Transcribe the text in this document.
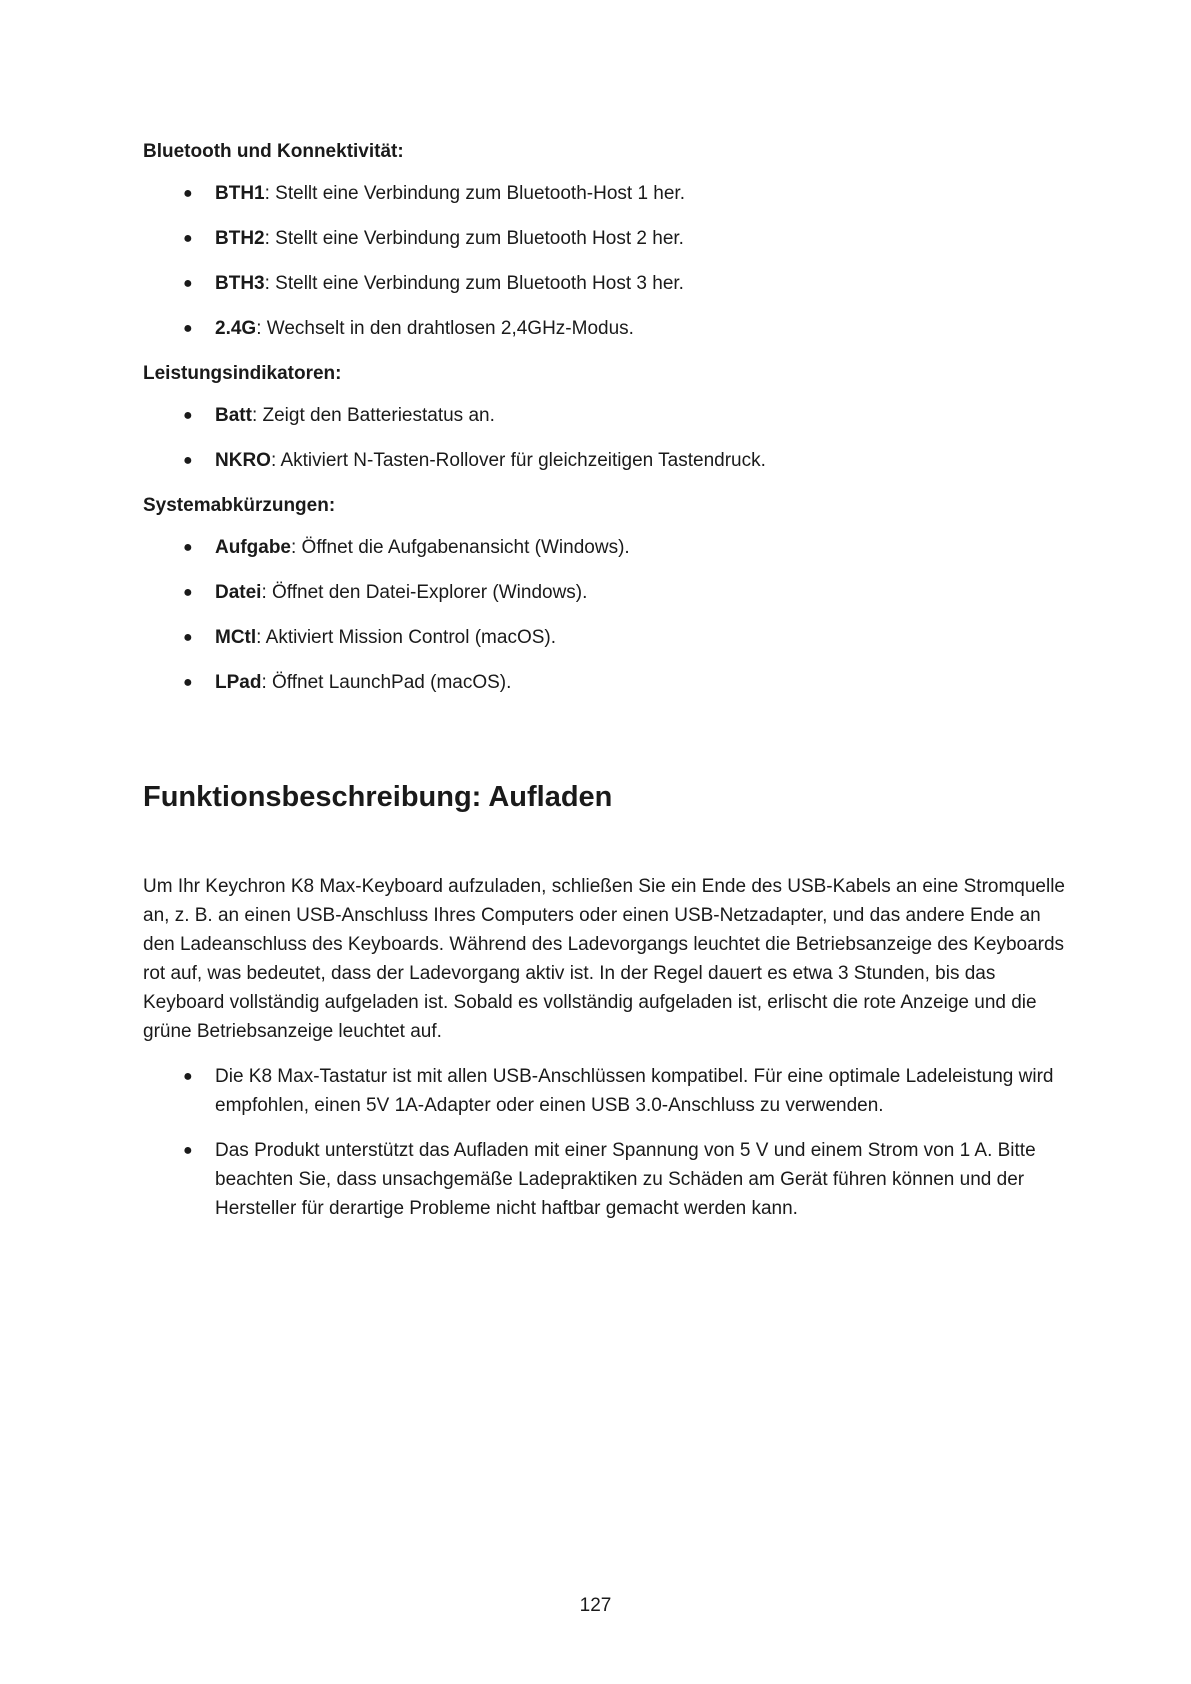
Bluetooth und Konnektivität:
● BTH1: Stellt eine Verbindung zum Bluetooth-Host 1 her.
● BTH2: Stellt eine Verbindung zum Bluetooth Host 2 her.
● BTH3: Stellt eine Verbindung zum Bluetooth Host 3 her.
● 2.4G: Wechselt in den drahtlosen 2,4GHz-Modus.
Leistungsindikatoren:
● Batt: Zeigt den Batteriestatus an.
● NKRO: Aktiviert N-Tasten-Rollover für gleichzeitigen Tastendruck.
Systemabkürzungen:
● Aufgabe: Öffnet die Aufgabenansicht (Windows).
● Datei: Öffnet den Datei-Explorer (Windows).
● MCtl: Aktiviert Mission Control (macOS).
● LPad: Öffnet LaunchPad (macOS).
Funktionsbeschreibung: Aufladen

Um Ihr Keychron K8 Max-Keyboard aufzuladen, schließen Sie ein Ende des USB-Kabels an eine Stromquelle an, z. B. an einen USB-Anschluss Ihres Computers oder einen USB-Netzadapter, und das andere Ende an den Ladeanschluss des Keyboards. Während des Ladevorgangs leuchtet die Betriebsanzeige des Keyboards rot auf, was bedeutet, dass der Ladevorgang aktiv ist. In der Regel dauert es etwa 3 Stunden, bis das Keyboard vollständig aufgeladen ist. Sobald es vollständig aufgeladen ist, erlischt die rote Anzeige und die grüne Betriebsanzeige leuchtet auf.

● Die K8 Max-Tastatur ist mit allen USB-Anschlüssen kompatibel. Für eine optimale Ladeleistung wird empfohlen, einen 5V 1A-Adapter oder einen USB 3.0-Anschluss zu verwenden.
● Das Produkt unterstützt das Aufladen mit einer Spannung von 5 V und einem Strom von 1 A. Bitte beachten Sie, dass unsachgemäße Ladepraktiken zu Schäden am Gerät führen können und der Hersteller für derartige Probleme nicht haftbar gemacht werden kann.
127
